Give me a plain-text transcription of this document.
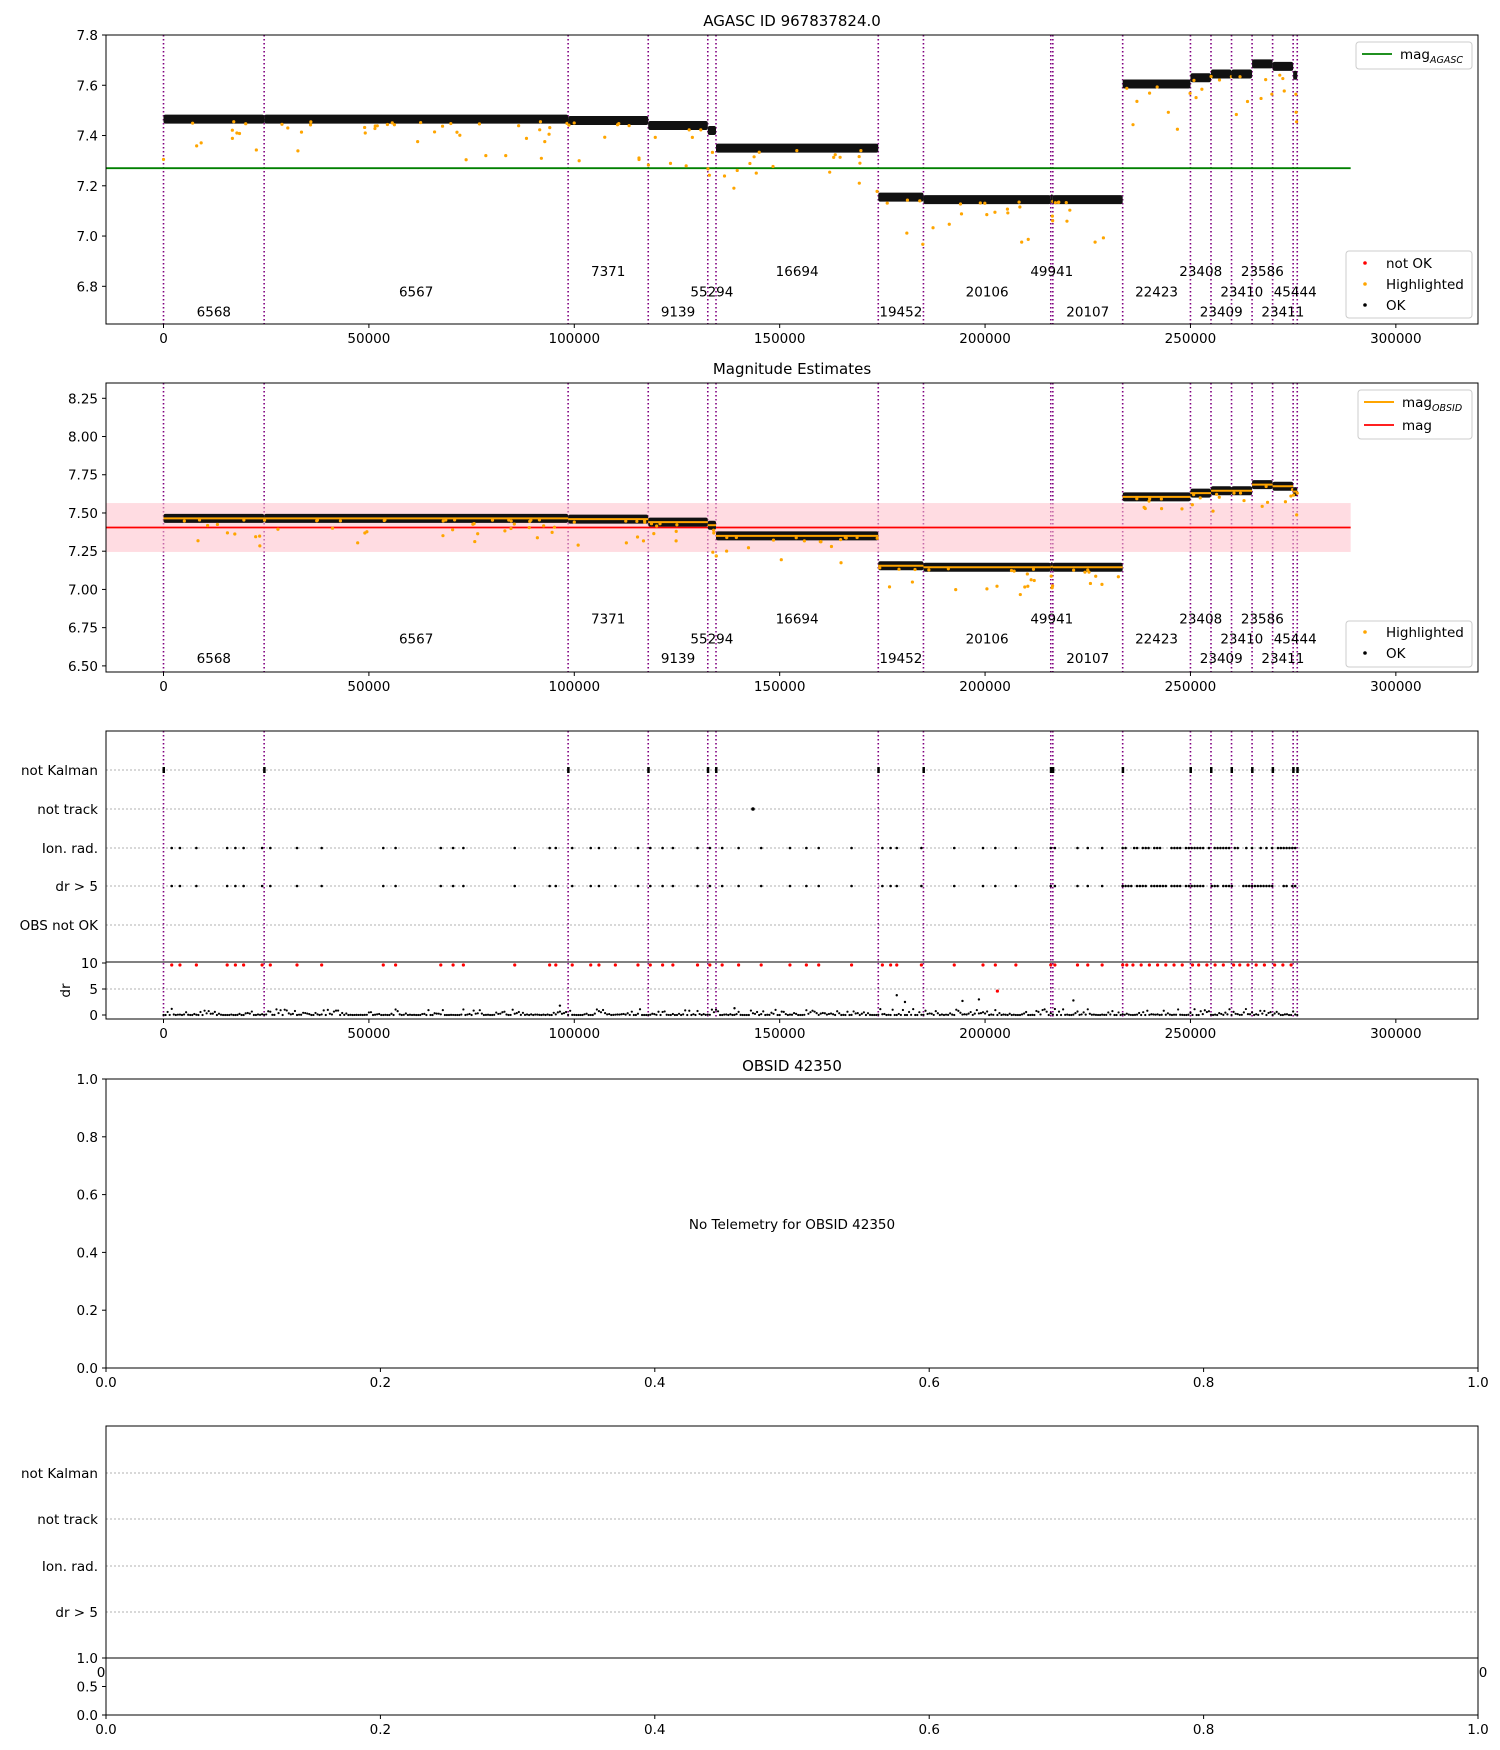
AGASC ID 967837824.0
6568
6567
7371
9139
55294
16694
19452
20106
49941
20107
22423
23408
23409
23410
23586
23411
45444
0	50000	100000	150000	200000	250000	300000
6.8
7.0
7.2
7.4
7.6
7.8
mag$_{AGASC}$
not OK
Highlighted
OK
Magnitude Estimates
6568
6567
7371
9139
55294
16694
19452
20106
49941
20107
22423
23408
23409
23410
23586
23411
45444
0	50000	100000	150000	200000	250000	300000
6.50
6.75
7.00
7.25
7.50
7.75
8.00
8.25	mag$_{OBSID}$
mag
Highlighted
OK
not Kalman
not track
Ion. rad.
dr > 5
OBS not OK
0
5
10
dr
0	50000	100000	150000	200000	250000	300000
OBSID 42350
0.0	0.2	0.4	0.6	0.8	1.0
0.0
0.2
0.4
0.6
0.8
1.0
No Telemetry for OBSID 42350
not Kalman
not track
Ion. rad.
dr > 5
0.0
0.5
1.0
0	0
0.0	0.2	0.4	0.6	0.8	1.0
